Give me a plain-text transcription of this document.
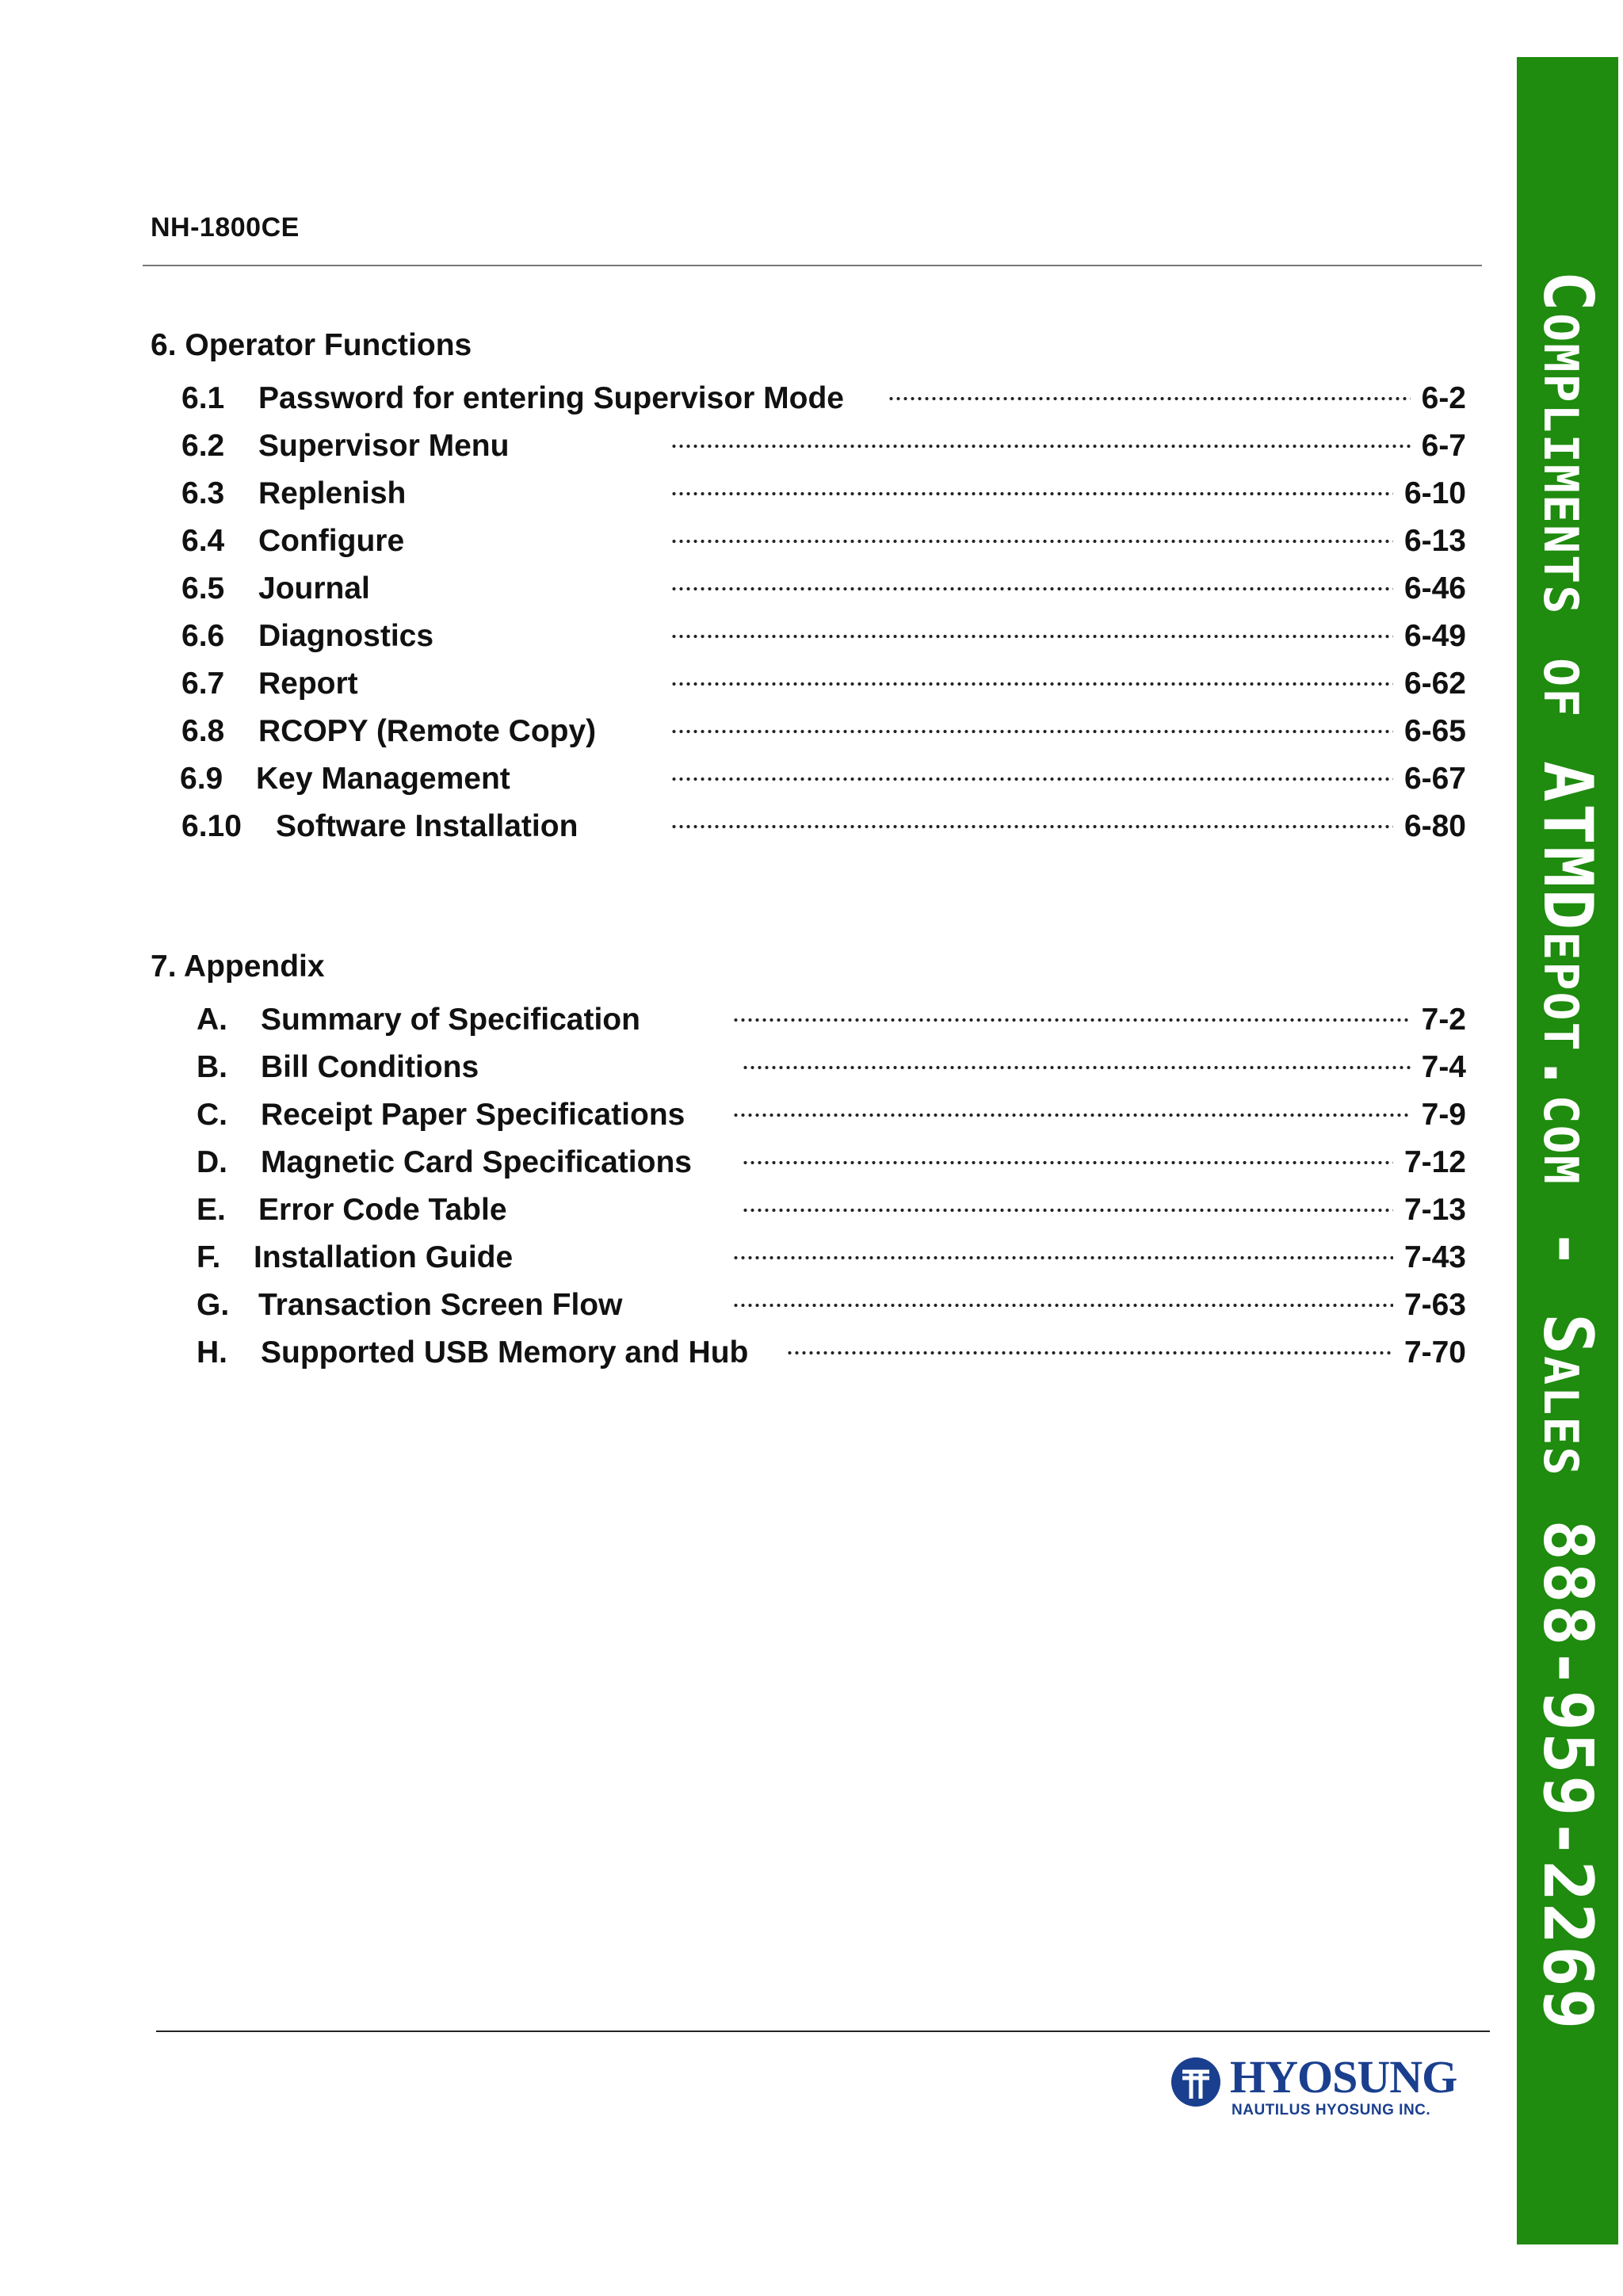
NH-1800CE
6. Operator Functions
6.1 Password for entering Supervisor Mode	6-2
6.2 Supervisor Menu	6-7
6.3 Replenish	6-10
6.4 Configure	6-13
6.5 Journal	6-46
6.6 Diagnostics	6-49
6.7 Report	6-62
6.8 RCOPY (Remote Copy)	6-65
6.9 Key Management	6-67
6.10 Software Installation	6-80
7. Appendix
A. Summary of Specification	7-2
B. Bill Conditions	7-4
C. Receipt Paper Specifications	7-9
D. Magnetic Card Specifications	7-12
E. Error Code Table	7-13
F. Installation Guide	7-43
G. Transaction Screen Flow	7-63
H. Supported USB Memory and Hub	7-70
HYOSUNG
NAUTILUS HYOSUNG INC.
Compliments of ATMDepot.com - Sales 888-959-2269
